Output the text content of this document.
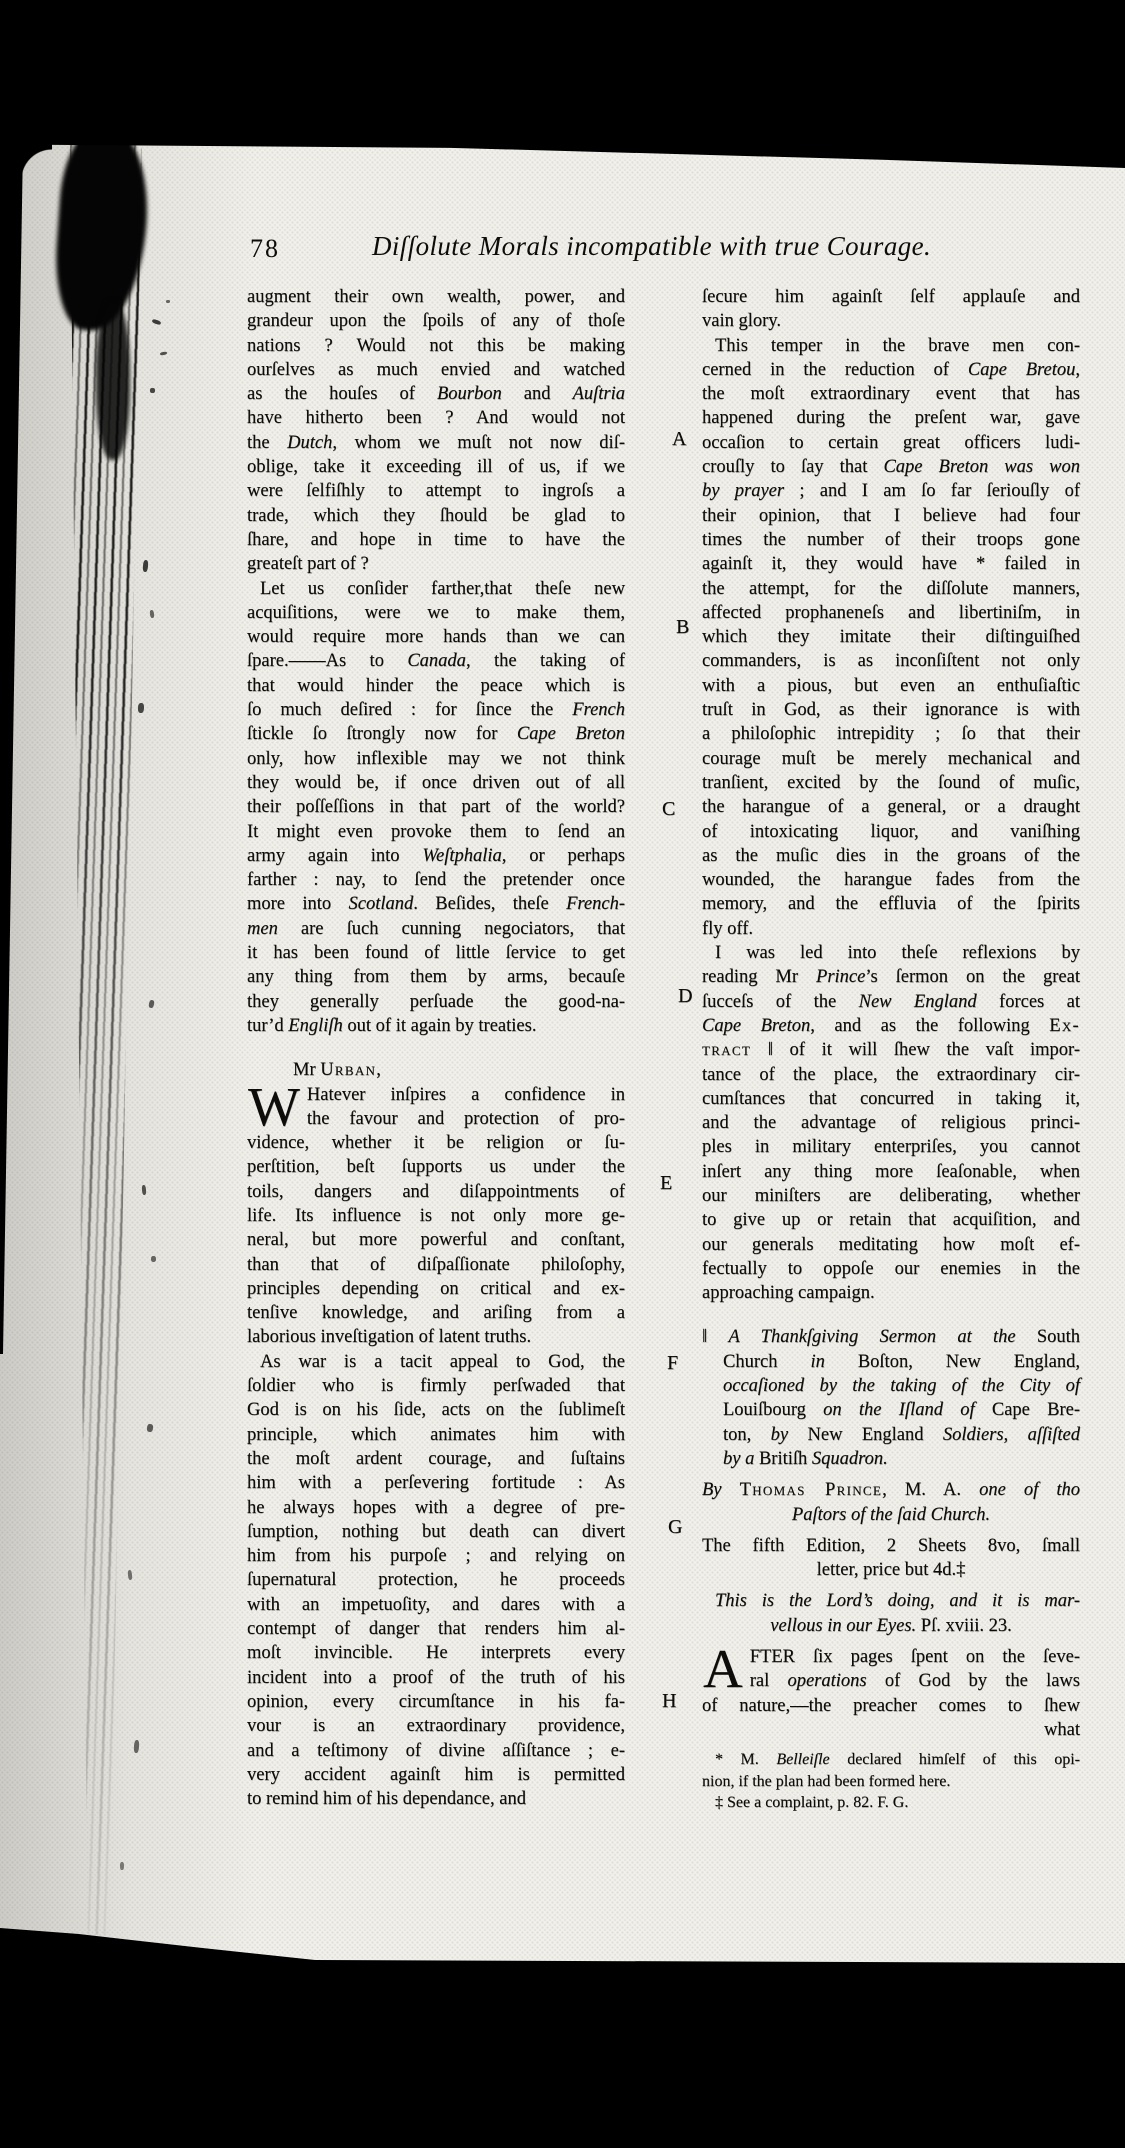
78	Diſſolute Morals incompatible with true Courage.
augment their own wealth, power, and
grandeur upon the ſpoils of any of thoſe
nations ? Would not this be making
ourſelves as much envied and watched
as the houſes of Bourbon and Auſtria
have hitherto been ? And would not
the Dutch, whom we muſt not now diſ-
oblige, take it exceeding ill of us, if we
were ſelfiſhly to attempt to ingroſs a
trade, which they ſhould be glad to
ſhare, and hope in time to have the
greateſt part of ?
Let us conſider farther,that theſe new
acquiſitions, were we to make them,
would require more hands than we can
ſpare.——As to Canada, the taking of
that would hinder the peace which is
ſo much deſired : for ſince the French
ſtickle ſo ſtrongly now for Cape Breton
only, how inflexible may we not think
they would be, if once driven out of all
their poſſeſſions in that part of the world?
It might even provoke them to ſend an
army again into Weſtphalia, or perhaps
farther : nay, to ſend the pretender once
more into Scotland. Beſides, theſe French-
men are ſuch cunning negociators, that
it has been found of little ſervice to get
any thing from them by arms, becauſe
they generally perſuade the good-na-
tur’d Engliſh out of it again by treaties.
Mr Urban,
W Hatever inſpires a confidence in
the favour and protection of pro-
vidence, whether it be religion or ſu-
perſtition, beſt ſupports us under the
toils, dangers and diſappointments of
life. Its influence is not only more ge-
neral, but more powerful and conſtant,
than that of diſpaſſionate philoſophy,
principles depending on critical and ex-
tenſive knowledge, and ariſing from a
laborious inveſtigation of latent truths.
As war is a tacit appeal to God, the
ſoldier who is firmly perſwaded that
God is on his ſide, acts on the ſublimeſt
principle, which animates him with
the moſt ardent courage, and ſuſtains
him with a perſevering fortitude : As
he always hopes with a degree of pre-
ſumption, nothing but death can divert
him from his purpoſe ; and relying on
ſupernatural protection, he proceeds
with an impetuoſity, and dares with a
contempt of danger that renders him al-
moſt invincible. He interprets every
incident into a proof of the truth of his
opinion, every circumſtance in his fa-
vour is an extraordinary providence,
and a teſtimony of divine aſſiſtance ; e-
very accident againſt him is permitted
to remind him of his dependance, and
ſecure him againſt ſelf applauſe and
vain glory.
This temper in the brave men con-
cerned in the reduction of Cape Bretou,
the moſt extraordinary event that has
happened during the preſent war, gave
occaſion to certain great officers ludi-
crouſly to ſay that Cape Breton was won
by prayer ; and I am ſo far ſeriouſly of
their opinion, that I believe had four
times the number of their troops gone
againſt it, they would have * failed in
the attempt, for the diſſolute manners,
affected prophaneneſs and libertiniſm, in
which they imitate their diſtinguiſhed
commanders, is as inconſiſtent not only
with a pious, but even an enthuſiaſtic
truſt in God, as their ignorance is with
a philoſophic intrepidity ; ſo that their
courage muſt be merely mechanical and
tranſient, excited by the ſound of muſic,
the harangue of a general, or a draught
of intoxicating liquor, and vaniſhing
as the muſic dies in the groans of the
wounded, the harangue fades from the
memory, and the effluvia of the ſpirits
fly off.
I was led into theſe reflexions by
reading Mr Prince’s ſermon on the great
ſucceſs of the New England forces at
Cape Breton, and as the following Ex-
tract ‖ of it will ſhew the vaſt impor-
tance of the place, the extraordinary cir-
cumſtances that concurred in taking it,
and the advantage of religious princi-
ples in military enterpriſes, you cannot
inſert any thing more ſeaſonable, when
our miniſters are deliberating, whether
to give up or retain that acquiſition, and
our generals meditating how moſt ef-
fectually to oppoſe our enemies in the
approaching campaign.
‖ A Thankſgiving Sermon at the South
Church in Boſton, New England,
occaſioned by the taking of the City of
Louiſbourg on the Iſland of Cape Bre-
ton, by New England Soldiers, aſſiſted
by a Britiſh Squadron.
By Thomas Prince, M. A. one of tho
Paſtors of the ſaid Church.
The fifth Edition, 2 Sheets 8vo, ſmall
letter, price but 4d.‡
This is the Lord’s doing, and it is mar-
vellous in our Eyes. Pſ. xviii. 23.
AFTER ſix pages ſpent on the ſeve-
ral operations of God by the laws
of nature,—the preacher comes to ſhew
what
* M. Belleiſle declared himſelf of this opi-
nion, if the plan had been formed here.
‡ See a complaint, p. 82. F. G.
A
B
C
D
E
F
G
H
